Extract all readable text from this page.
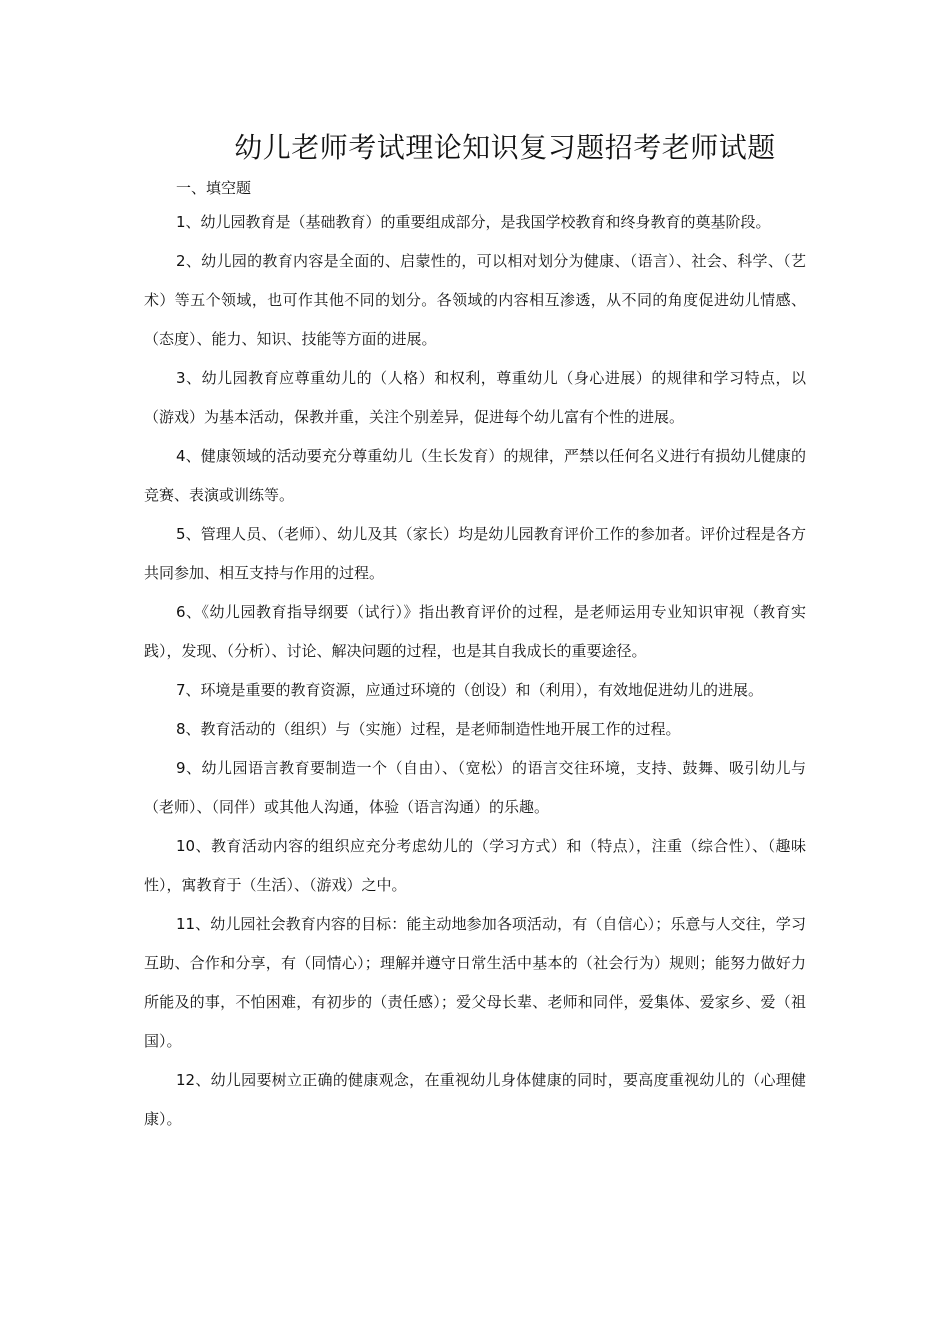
幼儿老师考试理论知识复习题招考老师试题

一、填空题

1、幼儿园教育是（基础教育）的重要组成部分，是我国学校教育和终身教育的奠基阶段。

2、幼儿园的教育内容是全面的、启蒙性的，可以相对划分为健康、（语言）、社会、科学、（艺术）等五个领域，也可作其他不同的划分。各领域的内容相互渗透，从不同的角度促进幼儿情感、（态度）、能力、知识、技能等方面的进展。

3、幼儿园教育应尊重幼儿的（人格）和权利，尊重幼儿（身心进展）的规律和学习特点，以（游戏）为基本活动，保教并重，关注个别差异，促进每个幼儿富有个性的进展。

4、健康领域的活动要充分尊重幼儿（生长发育）的规律，严禁以任何名义进行有损幼儿健康的竞赛、表演或训练等。

5、管理人员、（老师）、幼儿及其（家长）均是幼儿园教育评价工作的参加者。评价过程是各方共同参加、相互支持与作用的过程。

6、《幼儿园教育指导纲要（试行）》指出教育评价的过程，是老师运用专业知识审视（教育实践），发现、（分析）、讨论、解决问题的过程，也是其自我成长的重要途径。

7、环境是重要的教育资源，应通过环境的（创设）和（利用），有效地促进幼儿的进展。

8、教育活动的（组织）与（实施）过程，是老师制造性地开展工作的过程。

9、幼儿园语言教育要制造一个（自由）、（宽松）的语言交往环境，支持、鼓舞、吸引幼儿与（老师）、（同伴）或其他人沟通，体验（语言沟通）的乐趣。

10、教育活动内容的组织应充分考虑幼儿的（学习方式）和（特点），注重（综合性）、（趣味性），寓教育于（生活）、（游戏）之中。

11、幼儿园社会教育内容的目标：能主动地参加各项活动，有（自信心）；乐意与人交往，学习互助、合作和分享，有（同情心）；理解并遵守日常生活中基本的（社会行为）规则；能努力做好力所能及的事，不怕困难，有初步的（责任感）；爱父母长辈、老师和同伴，爱集体、爱家乡、爱（祖国）。

12、幼儿园要树立正确的健康观念，在重视幼儿身体健康的同时，要高度重视幼儿的（心理健康）。
